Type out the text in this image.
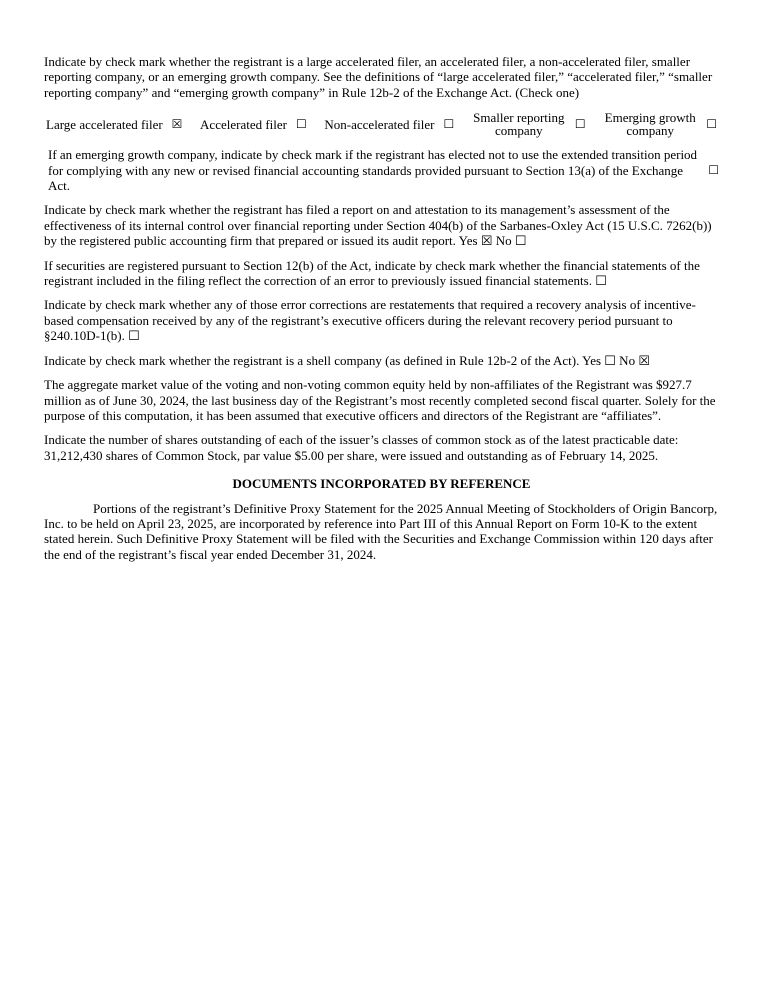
Indicate by check mark whether the registrant is a large accelerated filer, an accelerated filer, a non-accelerated filer, smaller reporting company, or an emerging growth company. See the definitions of “large accelerated filer,” “accelerated filer,” “smaller reporting company” and “emerging growth company” in Rule 12b-2 of the Exchange Act. (Check one)

Large accelerated filer ☒ Accelerated filer ☐ Non-accelerated filer ☐ Smaller reporting company	☐ Emerging growth company	☐

If an emerging growth company, indicate by check mark if the registrant has elected not to use the extended transition period for complying with any new or revised financial accounting standards provided pursuant to Section 13(a) of the Exchange Act.

☐

Indicate by check mark whether the registrant has filed a report on and attestation to its management’s assessment of the effectiveness of its internal control over financial reporting under Section 404(b) of the Sarbanes-Oxley Act (15 U.S.C. 7262(b)) by the registered public accounting firm that prepared or issued its audit report. Yes ☒ No ☐

If securities are registered pursuant to Section 12(b) of the Act, indicate by check mark whether the financial statements of the registrant included in the filing reflect the correction of an error to previously issued financial statements. ☐

Indicate by check mark whether any of those error corrections are restatements that required a recovery analysis of incentive-based compensation received by any of the registrant’s executive officers during the relevant recovery period pursuant to §240.10D-1(b). ☐

Indicate by check mark whether the registrant is a shell company (as defined in Rule 12b-2 of the Act). Yes ☐ No ☒

The aggregate market value of the voting and non-voting common equity held by non-affiliates of the Registrant was $927.7 million as of June 30, 2024, the last business day of the Registrant’s most recently completed second fiscal quarter. Solely for the purpose of this computation, it has been assumed that executive officers and directors of the Registrant are “affiliates”.

Indicate the number of shares outstanding of each of the issuer’s classes of common stock as of the latest practicable date: 31,212,430 shares of Common Stock, par value $5.00 per share, were issued and outstanding as of February 14, 2025.

DOCUMENTS INCORPORATED BY REFERENCE

Portions of the registrant’s Definitive Proxy Statement for the 2025 Annual Meeting of Stockholders of Origin Bancorp, Inc. to be held on April 23, 2025, are incorporated by reference into Part III of this Annual Report on Form 10-K to the extent stated herein. Such Definitive Proxy Statement will be filed with the Securities and Exchange Commission within 120 days after the end of the registrant’s fiscal year ended December 31, 2024.
